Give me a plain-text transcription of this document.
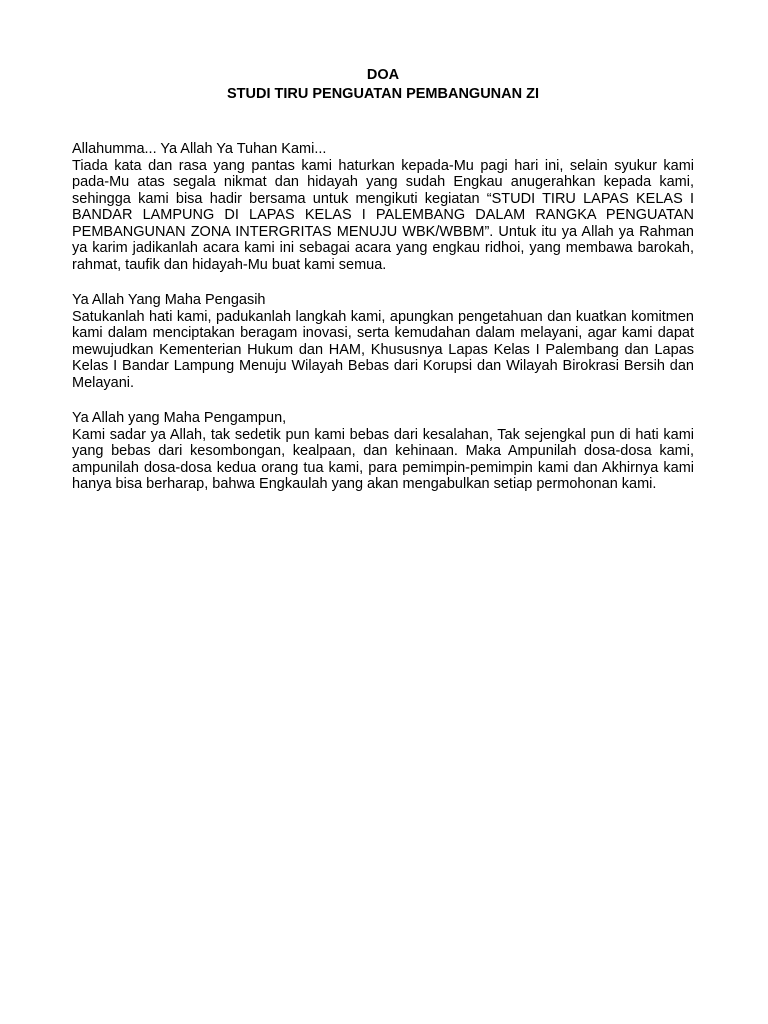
DOA

STUDI TIRU PENGUATAN PEMBANGUNAN ZI

Allahumma... Ya Allah Ya Tuhan Kami...

Tiada kata dan rasa yang pantas kami haturkan kepada-Mu pagi hari ini, selain syukur kami pada-Mu atas segala nikmat dan hidayah yang sudah Engkau anugerahkan kepada kami, sehingga kami bisa hadir bersama untuk mengikuti kegiatan “STUDI TIRU LAPAS KELAS I BANDAR LAMPUNG DI LAPAS KELAS I PALEMBANG DALAM RANGKA PENGUATAN PEMBANGUNAN ZONA INTERGRITAS MENUJU WBK/WBBM”. Untuk itu ya Allah ya Rahman ya karim jadikanlah acara kami ini sebagai acara yang engkau ridhoi, yang membawa barokah, rahmat, taufik dan hidayah-Mu buat kami semua.

Ya Allah Yang Maha Pengasih

Satukanlah hati kami, padukanlah langkah kami, apungkan pengetahuan dan kuatkan komitmen kami dalam menciptakan beragam inovasi, serta kemudahan dalam melayani, agar kami dapat mewujudkan Kementerian Hukum dan HAM, Khususnya Lapas Kelas I Palembang dan Lapas Kelas I Bandar Lampung Menuju Wilayah Bebas dari Korupsi dan Wilayah Birokrasi Bersih dan Melayani.

Ya Allah yang Maha Pengampun,

Kami sadar ya Allah, tak sedetik pun kami bebas dari kesalahan, Tak sejengkal pun di hati kami yang bebas dari kesombongan, kealpaan, dan kehinaan. Maka Ampunilah dosa-dosa kami, ampunilah dosa-dosa kedua orang tua kami, para pemimpin-pemimpin kami dan Akhirnya kami hanya bisa berharap, bahwa Engkaulah yang akan mengabulkan setiap permohonan kami.
